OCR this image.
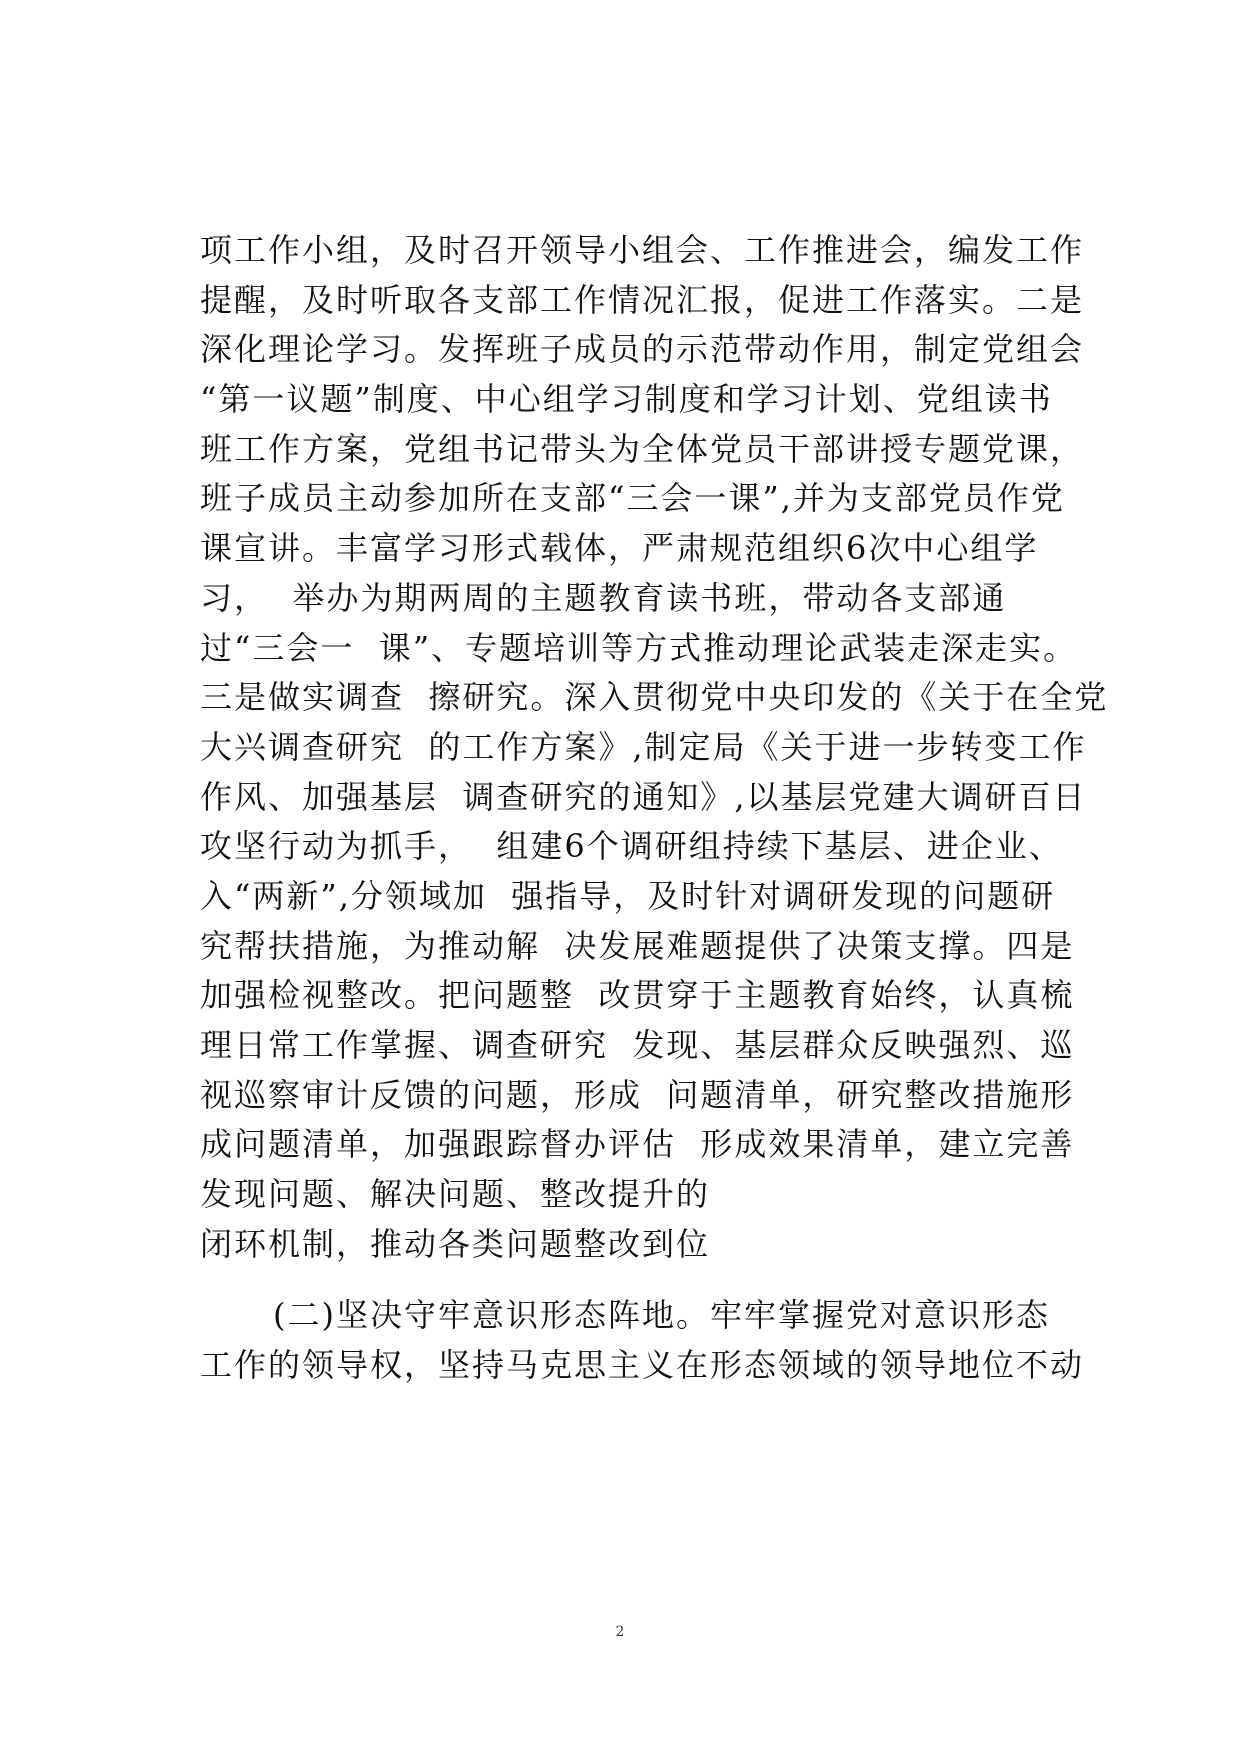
项工作小组，及时召开领导小组会、工作推进会，编发工作
提醒，及时听取各支部工作情况汇报，促进工作落实。二是
深化理论学习。发挥班子成员的示范带动作用，制定党组会
“第一议题”制度、中心组学习制度和学习计划、党组读书
班工作方案，党组书记带头为全体党员干部讲授专题党课，
班子成员主动参加所在支部“三会一课”,并为支部党员作党
课宣讲。丰富学习形式载体，严肃规范组织6次中心组学
习，  举办为期两周的主题教育读书班，带动各支部通
过“三会一  课”、专题培训等方式推动理论武装走深走实。
三是做实调查  擦研究。深入贯彻党中央印发的《关于在全党
大兴调查研究  的工作方案》,制定局《关于进一步转变工作
作风、加强基层  调查研究的通知》,以基层党建大调研百日
攻坚行动为抓手，  组建6个调研组持续下基层、进企业、
入“两新”,分领域加  强指导，及时针对调研发现的问题研
究帮扶措施，为推动解  决发展难题提供了决策支撑。四是
加强检视整改。把问题整  改贯穿于主题教育始终，认真梳
理日常工作掌握、调查研究  发现、基层群众反映强烈、巡
视巡察审计反馈的问题，形成  问题清单，研究整改措施形
成问题清单，加强跟踪督办评估  形成效果清单，建立完善
发现问题、解决问题、整改提升的
闭环机制，推动各类问题整改到位
(二)坚决守牢意识形态阵地。牢牢掌握党对意识形态
工作的领导权，坚持马克思主义在形态领域的领导地位不动
2
